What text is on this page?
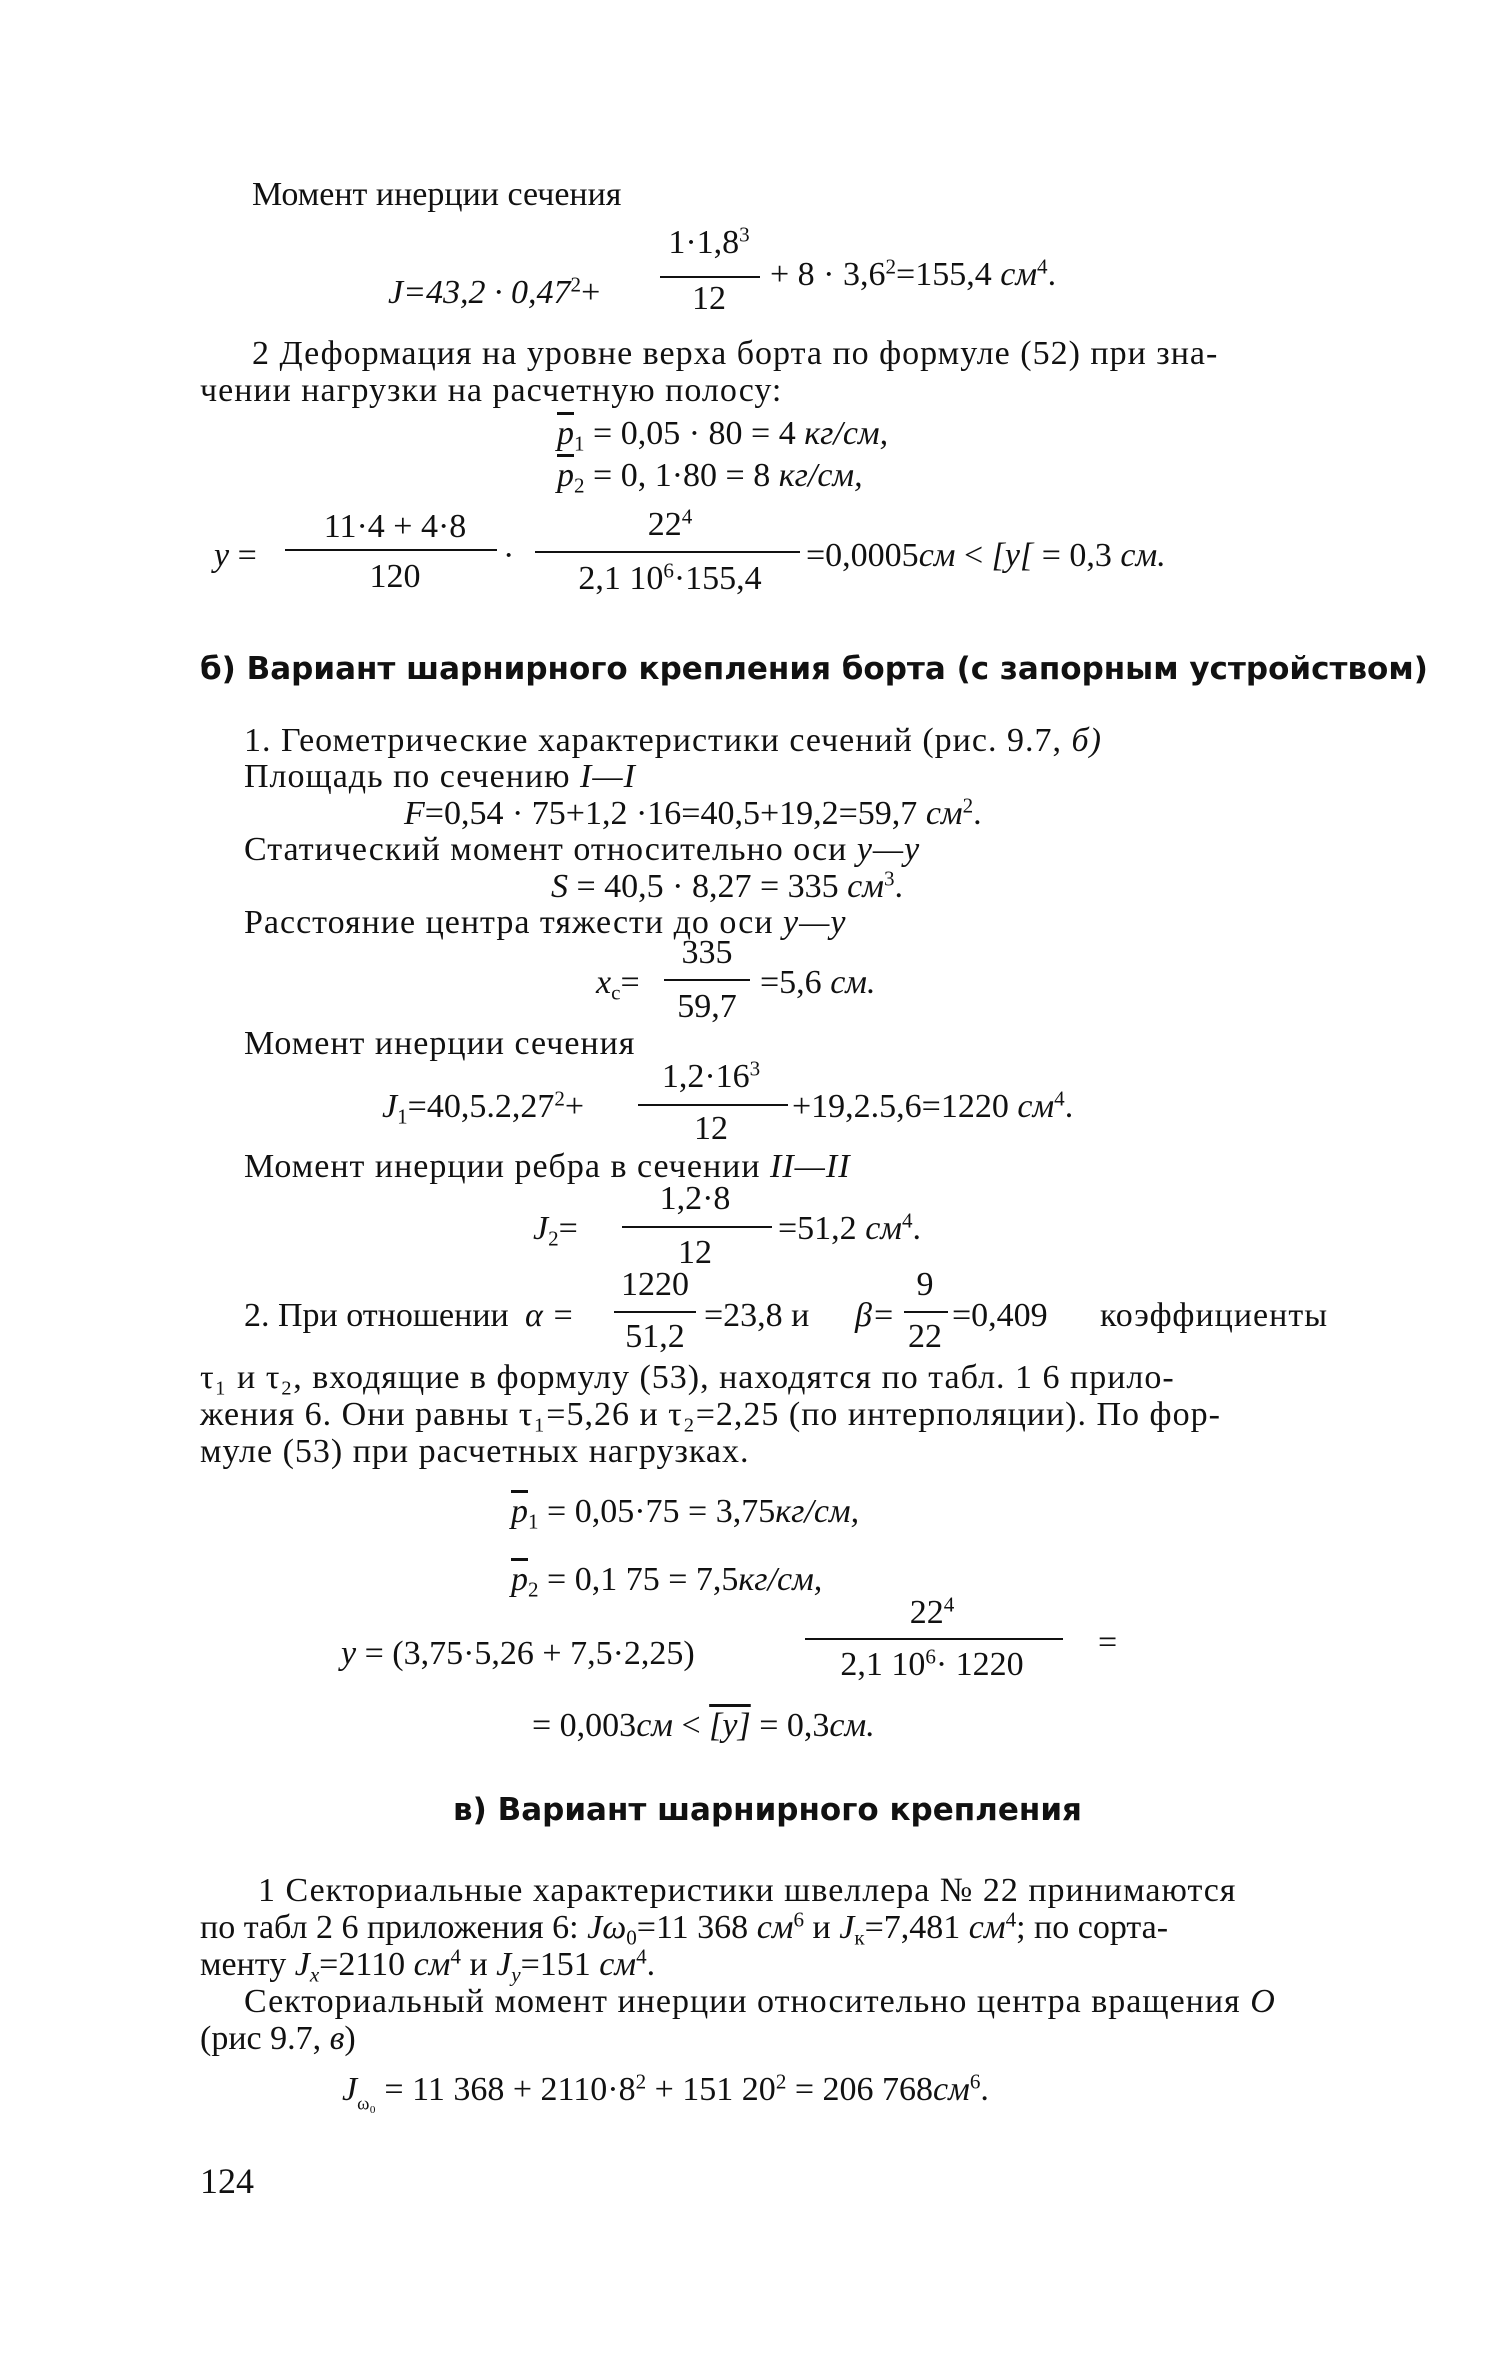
Момент инерции сечения
$J=43,2 \cdot 0,47^2+$
$1\cdot 1,8^3$
12
+ $8 \cdot 3,6^2=155,4$ $см^4$.
2 Деформация на уровне верха борта по формуле (52) при зна-
чении нагрузки на расчетную полосу:
$\overline{p}_1 = 0,05 \cdot 80 = 4$ кг/см,
$\overline{p}_2 = 0$, 1·80 = 8 кг/см,
y =
11·4 + 4·8
120
·
$22^4$
2,1 $10^6\cdot 155,4$
=0,0005см < [y[ = 0,3 см.
б) Вариант шарнирного крепления борта (с запорным устройством)
1. Геометрические характеристики сечений (рис. 9.7, б)
Площадь по сечению I—I
F=0,54 · 75+1,2 ·16=40,5+19,2=59,7 $см^2$.
Статический момент относительно оси y—y
S = 40,5 · 8,27 = 335 $см^3$.
Расстояние центра тяжести до оси y—y
$x_c=$
335
59,7
=5,6 см.
Момент инерции сечения
$J_1=40,5.2,27^2+$
$1,2\cdot 16^3$
12
+19,2.5,6=1220 $см^4$.
Момент инерции ребра в сечении II—II
$J_2=$
1,2·8
12
=51,2 $см^4$.
2. При отношении α =
1220
51,2
=23,8 и β=
9
22
=0,409 коэффициенты
τ₁ и τ₂, входящие в формулу (53), находятся по табл. 1 6 прило-
жения 6. Они равны τ₁=5,26 и τ₂=2,25 (по интерполяции). По фор-
муле (53) при расчетных нагрузках.
$\overline{p}_1 = 0,05\cdot 75 = 3,75кг/см$,
$\overline{p}_2 = 0,1$ 75 = 7,5кг/см,
y = (3,75·5,26 + 7,5·2,25)
$22^4$
2,1 $10^6\cdot 1220$
=
= 0,003см < [y] = 0,3см.
в) Вариант шарнирного крепления
1 Секториальные характеристики швеллера № 22 принимаются
по табл 2 6 приложения 6: $J\omega_0=11$ 368 $см^6$ и $J_к=7,481$ $см^4$; по сорта-
менту $J_x=2110$ $см^4$ и $J_y=151$ $см^4$.
Секториальный момент инерции относительно центра вращения O
(рис 9.7, в)
$J_{\omega_0} = 11$ $368 + 2110\cdot 8^2 + 151$ $20^2 = 206$ $768см^6$.
124
